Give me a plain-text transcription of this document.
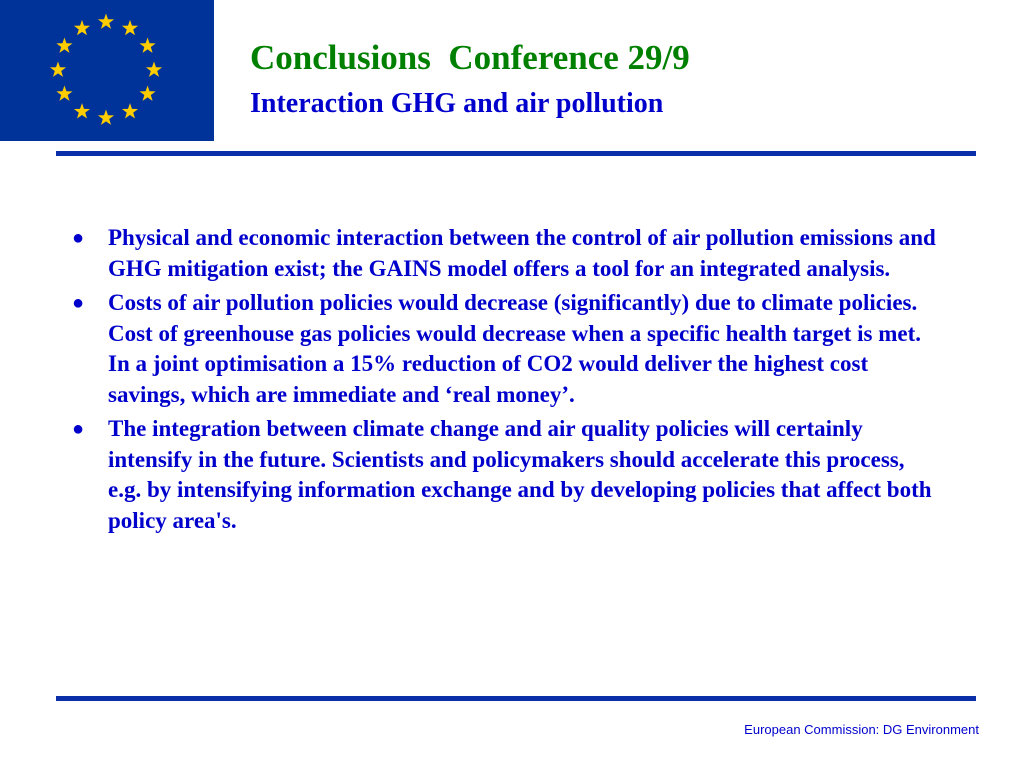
Conclusions  Conference 29/9
Interaction GHG and air pollution
● Physical and economic interaction between the control of air pollution emissions and GHG mitigation exist; the GAINS model offers a tool for an integrated analysis.
● Costs of air pollution policies would decrease (significantly) due to climate policies. Cost of greenhouse gas policies would decrease when a specific health target is met. In a joint optimisation a 15% reduction of CO2 would deliver the highest cost savings, which are immediate and ‘real money’.
● The integration between climate change and air quality policies will certainly intensify in the future. Scientists and policymakers should accelerate this process, e.g. by intensifying information exchange and by developing policies that affect both policy area's.
European Commission: DG Environment
